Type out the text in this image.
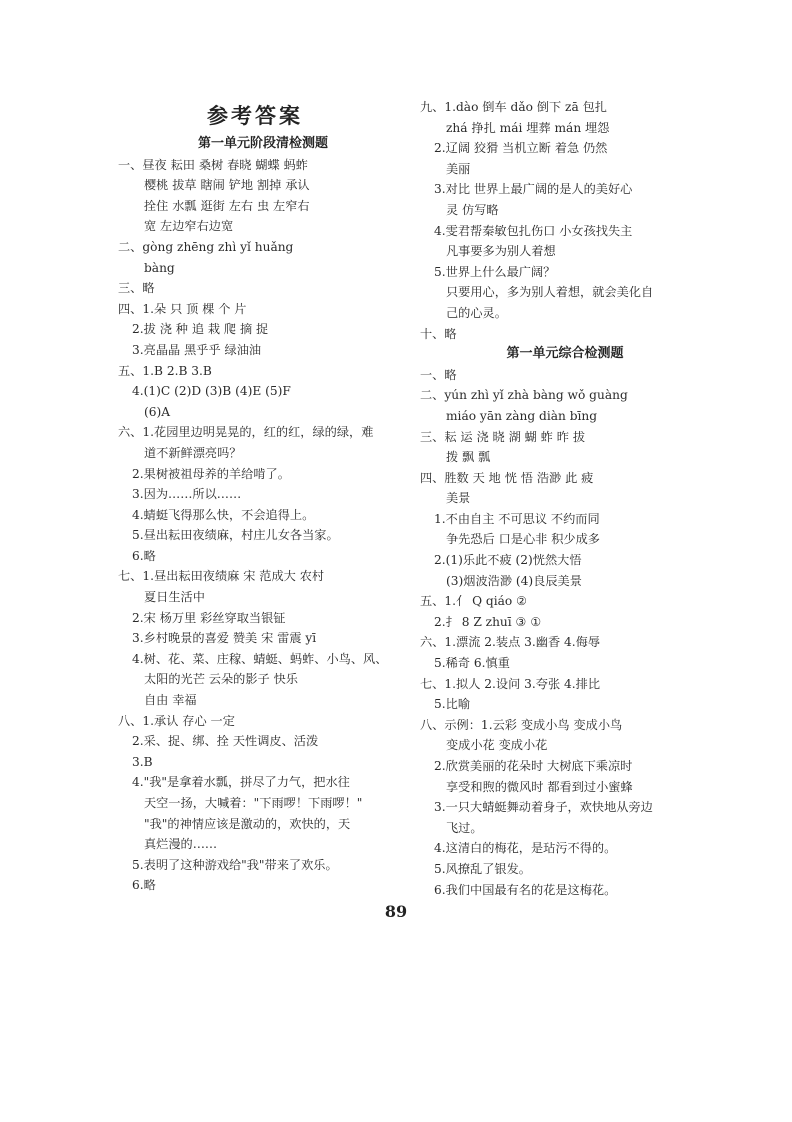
参考答案
第一单元阶段清检测题
一、昼夜 耘田 桑树 春晓 蝴蝶 蚂蚱
樱桃 拔草 瞎闹 铲地 割掉 承认
拴住 水瓢 逛街 左右 虫 左窄右
宽 左边窄右边宽
二、gòng zhēng zhì yǐ huǎng
bàng
三、略
四、1.朵 只 顶 棵 个 片
2.拔 浇 种 追 栽 爬 摘 捉
3.亮晶晶 黑乎乎 绿油油
五、1.B 2.B 3.B
4.(1)C (2)D (3)B (4)E (5)F
(6)A
六、1.花园里边明晃晃的，红的红，绿的绿，难
道不新鲜漂亮吗？
2.果树被祖母养的羊给啃了。
3.因为……所以……
4.蜻蜓飞得那么快，不会追得上。
5.昼出耘田夜绩麻，村庄儿女各当家。
6.略
七、1.昼出耘田夜绩麻 宋 范成大 农村
夏日生活中
2.宋 杨万里 彩丝穿取当银钲
3.乡村晚景的喜爱 赞美 宋 雷震 yī
4.树、花、菜、庄稼、蜻蜓、蚂蚱、小鸟、风、
太阳的光芒 云朵的影子 快乐
自由 幸福
八、1.承认 存心 一定
2.采、捉、绑、拴 天性调皮、活泼
3.B
4."我"是拿着水瓢，拼尽了力气，把水往
天空一扬，大喊着："下雨啰！下雨啰！"
"我"的神情应该是激动的，欢快的，天
真烂漫的……
5.表明了这种游戏给"我"带来了欢乐。
6.略
九、1.dào 倒车 dǎo 倒下 zā 包扎
zhá 挣扎 mái 埋葬 mán 埋怨
2.辽阔 狡猾 当机立断 着急 仍然
美丽
3.对比 世界上最广阔的是人的美好心
灵 仿写略
4.雯君帮秦敏包扎伤口 小女孩找失主
凡事要多为别人着想
5.世界上什么最广阔？
只要用心，多为别人着想，就会美化自
己的心灵。
十、略
第一单元综合检测题
一、略
二、yún zhì yǐ zhà bàng wǒ guàng
miáo yān zàng diàn bīng
三、耘 运 浇 晓 湖 蝴 蚱 昨 拔
拨 飘 瓢
四、胜数 天 地 恍 悟 浩渺 此 疲
美景
1.不由自主 不可思议 不约而同
争先恐后 口是心非 积少成多
2.(1)乐此不疲 (2)恍然大悟
(3)烟波浩渺 (4)良辰美景
五、1.亻 Q qiáo ②
2.扌 8 Z zhuī ③ ①
六、1.漂流 2.装点 3.幽香 4.侮辱
5.稀奇 6.慎重
七、1.拟人 2.设问 3.夸张 4.排比
5.比喻
八、示例：1.云彩 变成小鸟 变成小鸟
变成小花 变成小花
2.欣赏美丽的花朵时 大树底下乘凉时
享受和煦的微风时 都看到过小蜜蜂
3.一只大蜻蜓舞动着身子，欢快地从旁边
飞过。
4.这清白的梅花，是玷污不得的。
5.风撩乱了银发。
6.我们中国最有名的花是这梅花。
89
